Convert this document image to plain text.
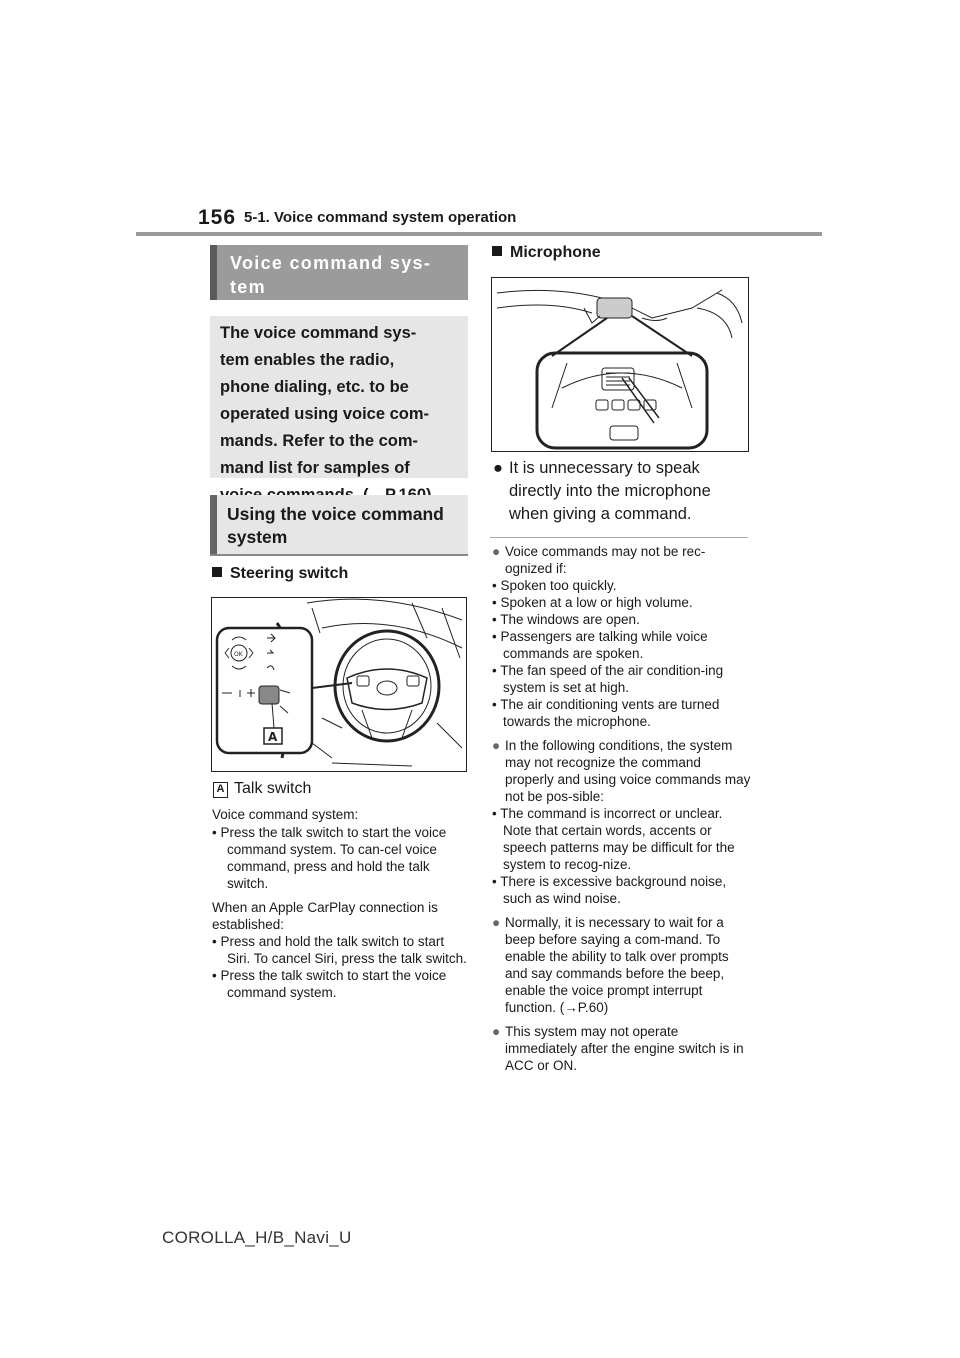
156 5-1. Voice command system operation
Voice command sys-
tem
The voice command sys-
tem enables the radio,
phone dialing, etc. to be
operated using voice com-
mands. Refer to the com-
mand list for samples of
Using the voice command system
Steering switch
OK
A
A Talk switch
Voice command system:
• Press the talk switch to start the voice command system. To can-cel voice command, press and hold the talk switch.
When an Apple CarPlay connection is established:
• Press and hold the talk switch to start Siri. To cancel Siri, press the talk switch.
• Press the talk switch to start the voice command system.
Microphone
● It is unnecessary to speak directly into the microphone when giving a command.
● Voice commands may not be rec-ognized if:
• Spoken too quickly.
• Spoken at a low or high volume.
• The windows are open.
• Passengers are talking while voice commands are spoken.
• The fan speed of the air condition-ing system is set at high.
• The air conditioning vents are turned towards the microphone.
● In the following conditions, the system may not recognize the command properly and using voice commands may not be pos-sible:
• The command is incorrect or unclear. Note that certain words, accents or speech patterns may be difficult for the system to recog-nize.
• There is excessive background noise, such as wind noise.
● Normally, it is necessary to wait for a beep before saying a com-mand. To enable the ability to talk over prompts and say commands before the beep, enable the voice prompt interrupt function. (→P.60)
● This system may not operate immediately after the engine switch is in ACC or ON.
COROLLA_H/B_Navi_U
